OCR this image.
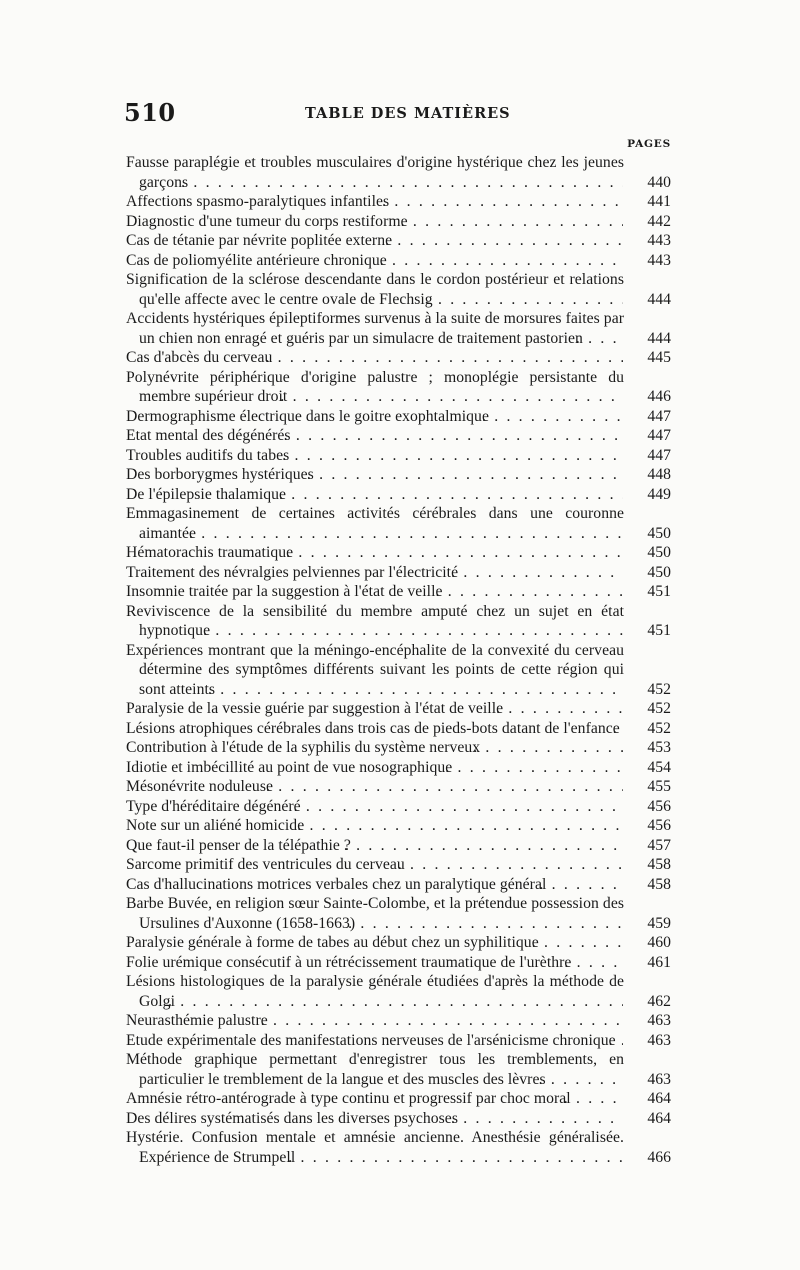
510	TABLE DES MATIÈRES
PAGES
Fausse paraplégie et troubles musculaires d'origine hystérique chez les jeunes garçons . . .	440
Affections spasmo-paralytiques infantiles . . .	441
Diagnostic d'une tumeur du corps restiforme . . .	442
Cas de tétanie par névrite poplitée externe . . .	443
Cas de poliomyélite antérieure chronique . . .	443
Signification de la sclérose descendante dans le cordon postérieur et relations qu'elle affecte avec le centre ovale de Flechsig . . .	444
Accidents hystériques épileptiformes survenus à la suite de morsures faites par un chien non enragé et guéris par un simulacre de traitement pastorien . . .	444
Cas d'abcès du cerveau . . .	445
Polynévrite périphérique d'origine palustre ; monoplégie persistante du membre supérieur droit . . .	446
Dermographisme électrique dans le goitre exophtalmique . . .	447
Etat mental des dégénérés . . .	447
Troubles auditifs du tabes . . .	447
Des borborygmes hystériques . . .	448
De l'épilepsie thalamique . . .	449
Emmagasinement de certaines activités cérébrales dans une couronne aimantée . . .	450
Hématorachis traumatique . . .	450
Traitement des névralgies pelviennes par l'électricité . . .	450
Insomnie traitée par la suggestion à l'état de veille . . .	451
Reviviscence de la sensibilité du membre amputé chez un sujet en état hypnotique . . .	451
Expériences montrant que la méningo-encéphalite de la convexité du cerveau détermine des symptômes différents suivant les points de cette région qui sont atteints . . .	452
Paralysie de la vessie guérie par suggestion à l'état de veille . . .	452
Lésions atrophiques cérébrales dans trois cas de pieds-bots datant de l'enfance . . .	452
Contribution à l'étude de la syphilis du système nerveux . . .	453
Idiotie et imbécillité au point de vue nosographique . . .	454
Mésonévrite noduleuse . . .	455
Type d'héréditaire dégénéré . . .	456
Note sur un aliéné homicide . . .	456
Que faut-il penser de la télépathie ? . . .	457
Sarcome primitif des ventricules du cerveau . . .	458
Cas d'hallucinations motrices verbales chez un paralytique général . . .	458
Barbe Buvée, en religion sœur Sainte-Colombe, et la prétendue possession des Ursulines d'Auxonne (1658-1663) . . .	459
Paralysie générale à forme de tabes au début chez un syphilitique . . .	460
Folie urémique consécutif à un rétrécissement traumatique de l'urèthre . . .	461
Lésions histologiques de la paralysie générale étudiées d'après la méthode de Golgi . . .	462
Neurasthémie palustre . . .	463
Etude expérimentale des manifestations nerveuses de l'arsénicisme chronique . . .	463
Méthode graphique permettant d'enregistrer tous les tremblements, en particulier le tremblement de la langue et des muscles des lèvres . . .	463
Amnésie rétro-antérograde à type continu et progressif par choc moral . . .	464
Des délires systématisés dans les diverses psychoses . . .	464
Hystérie. Confusion mentale et amnésie ancienne. Anesthésie généralisée. Expérience de Strumpell . . .	466
